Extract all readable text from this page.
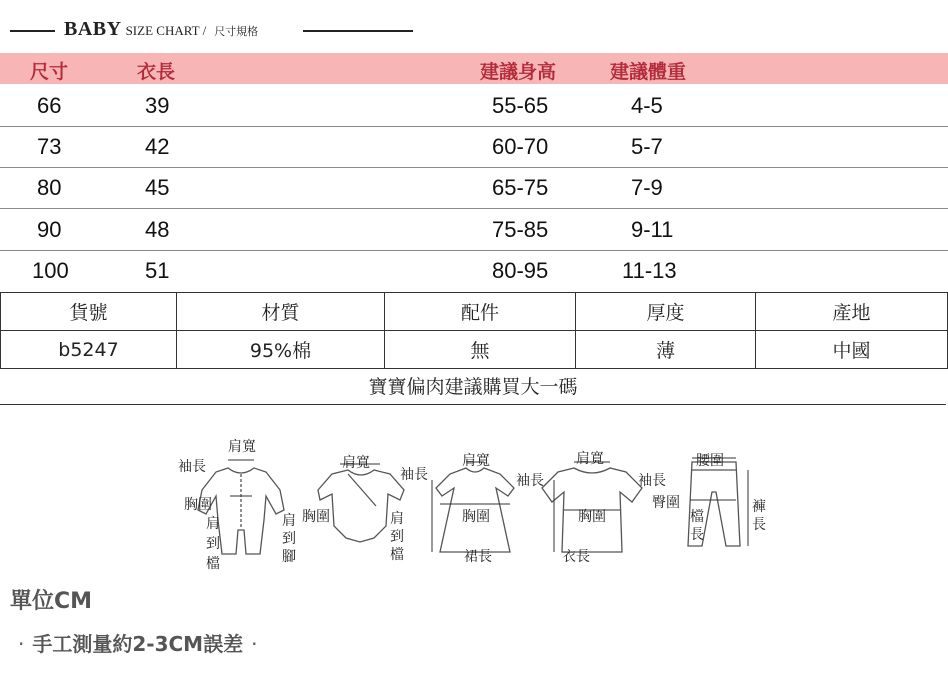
BABY SIZE CHART / 尺寸規格
尺寸	衣長	建議身高	建議體重
66	39	55-65	4-5
73	42	60-70	5-7
80	45	65-75	7-9
90	48	75-85	9-11
100	51	80-95	11-13
貨號	材質	配件	厚度	產地
b5247	95%棉	無	薄	中國
寶寶偏肉建議購買大一碼
肩寬
袖長
胸圍
肩到檔
肩到腳
肩寬
袖長
胸圍	肩到檔
肩寬
袖長
胸圍
裙長
肩寬
袖長
胸圍
衣長
腰圍
臀圍
檔長
褲長
單位CM
· 手工測量約2-3CM誤差 ·
